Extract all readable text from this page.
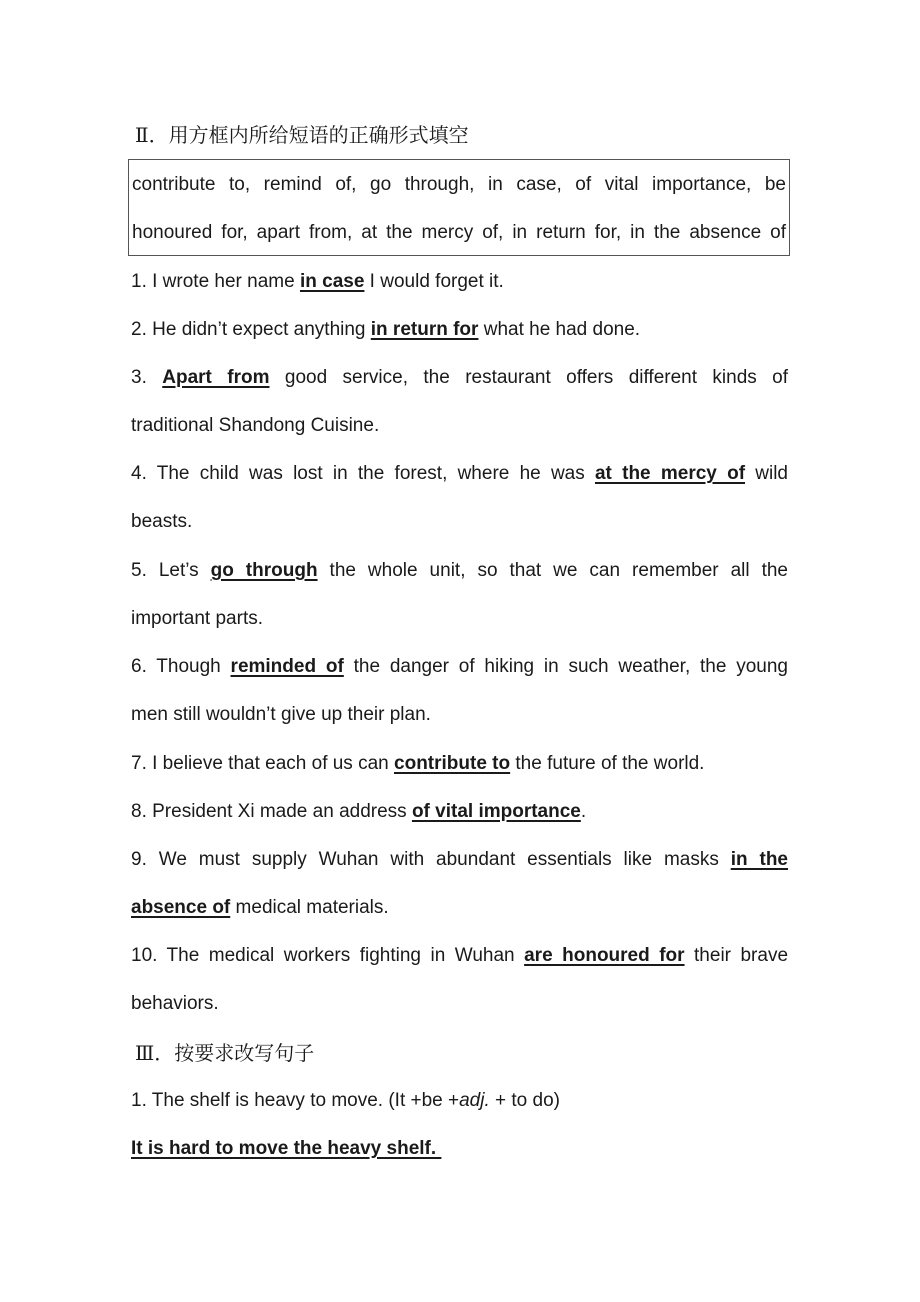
Ⅱ．用方框内所给短语的正确形式填空
contribute to, remind of, go through, in case, of vital importance, be
honoured for, apart from, at the mercy of, in return for, in the absence of
1. I wrote her name in case I would forget it.
2. He didn’t expect anything in return for what he had done.
3. Apart from good service, the restaurant offers different kinds of
traditional Shandong Cuisine.
4. The child was lost in the forest, where he was at the mercy of wild
beasts.
5. Let’s go through the whole unit, so that we can remember all the
important parts.
6. Though reminded of the danger of hiking in such weather, the young
men still wouldn’t give up their plan.
7. I believe that each of us can contribute to the future of the world.
8. President Xi made an address of vital importance.
9. We must supply Wuhan with abundant essentials like masks in the
absence of medical materials.
10. The medical workers fighting in Wuhan are honoured for their brave
behaviors.
Ⅲ．按要求改写句子
1. The shelf is heavy to move. (It +be +adj. + to do)
It is hard to move the heavy shelf.
